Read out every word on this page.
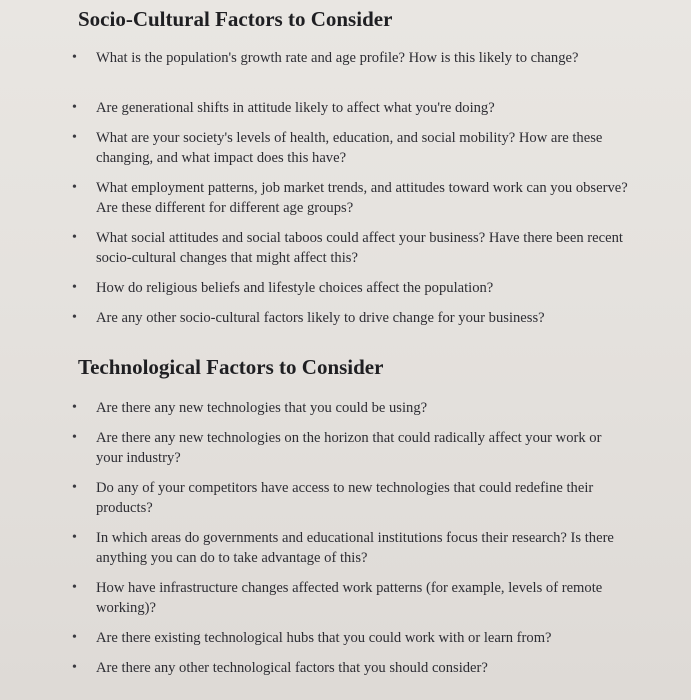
Socio-Cultural Factors to Consider
• What is the population's growth rate and age profile? How is this likely to change?
• Are generational shifts in attitude likely to affect what you're doing?
• What are your society's levels of health, education, and social mobility? How are these changing, and what impact does this have?
• What employment patterns, job market trends, and attitudes toward work can you observe? Are these different for different age groups?
• What social attitudes and social taboos could affect your business? Have there been recent socio-cultural changes that might affect this?
• How do religious beliefs and lifestyle choices affect the population?
• Are any other socio-cultural factors likely to drive change for your business?
Technological Factors to Consider
• Are there any new technologies that you could be using?
• Are there any new technologies on the horizon that could radically affect your work or your industry?
• Do any of your competitors have access to new technologies that could redefine their products?
• In which areas do governments and educational institutions focus their research? Is there anything you can do to take advantage of this?
• How have infrastructure changes affected work patterns (for example, levels of remote working)?
• Are there existing technological hubs that you could work with or learn from?
• Are there any other technological factors that you should consider?
